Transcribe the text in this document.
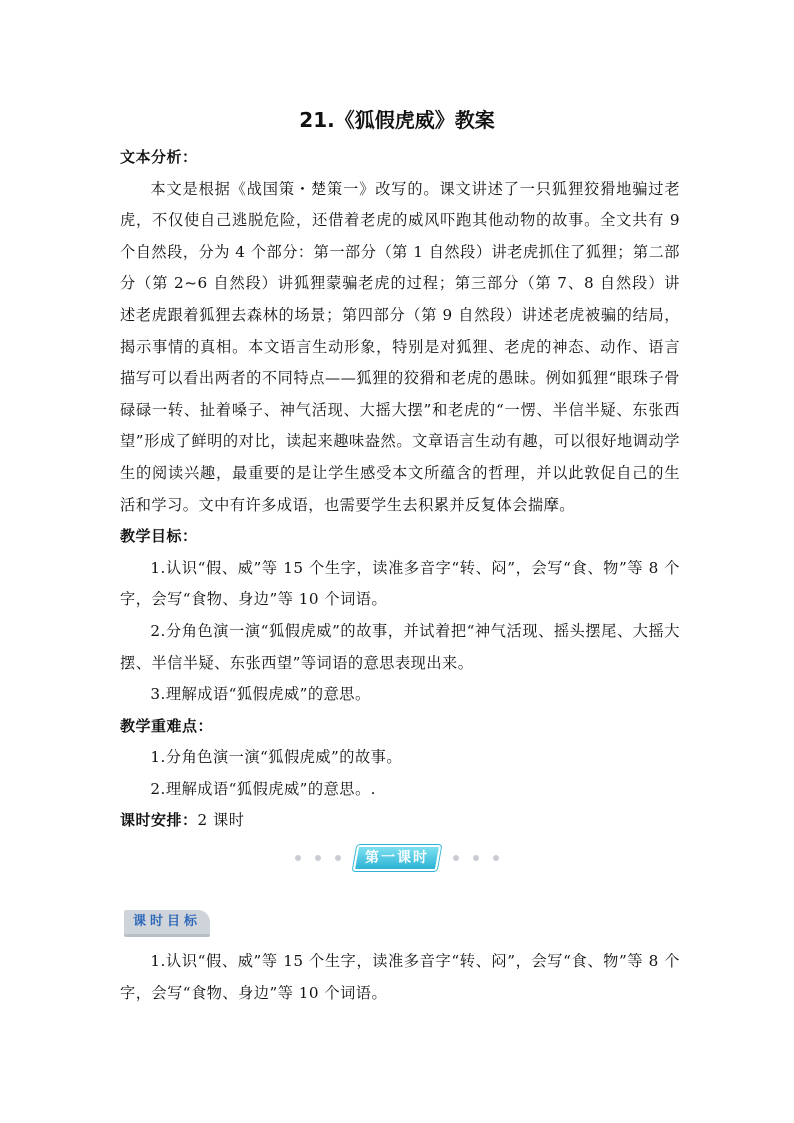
21.《狐假虎威》教案
文本分析：

本文是根据《战国策・楚策一》改写的。课文讲述了一只狐狸狡猾地骗过老虎，不仅使自己逃脱危险，还借着老虎的威风吓跑其他动物的故事。全文共有 9 个自然段，分为 4 个部分：第一部分（第 1 自然段）讲老虎抓住了狐狸；第二部分（第 2~6 自然段）讲狐狸蒙骗老虎的过程；第三部分（第 7、8 自然段）讲述老虎跟着狐狸去森林的场景；第四部分（第 9 自然段）讲述老虎被骗的结局，揭示事情的真相。本文语言生动形象，特别是对狐狸、老虎的神态、动作、语言描写可以看出两者的不同特点——狐狸的狡猾和老虎的愚昧。例如狐狸“眼珠子骨碌碌一转、扯着嗓子、神气活现、大摇大摆”和老虎的“一愣、半信半疑、东张西望”形成了鲜明的对比，读起来趣味盎然。文章语言生动有趣，可以很好地调动学生的阅读兴趣，最重要的是让学生感受本文所蕴含的哲理，并以此敦促自己的生活和学习。文中有许多成语，也需要学生去积累并反复体会揣摩。

教学目标：

1.认识“假、威”等 15 个生字，读准多音字“转、闷”，会写“食、物”等 8 个字，会写“食物、身边”等 10 个词语。

2.分角色演一演“狐假虎威”的故事，并试着把“神气活现、摇头摆尾、大摇大摆、半信半疑、东张西望”等词语的意思表现出来。

3.理解成语“狐假虎威”的意思。

教学重难点：

1.分角色演一演“狐假虎威”的故事。

2.理解成语“狐假虎威”的意思。.

课时安排：2 课时
第一课时
课时目标

1.认识“假、威”等 15 个生字，读准多音字“转、闷”，会写“食、物”等 8 个字，会写“食物、身边”等 10 个词语。
